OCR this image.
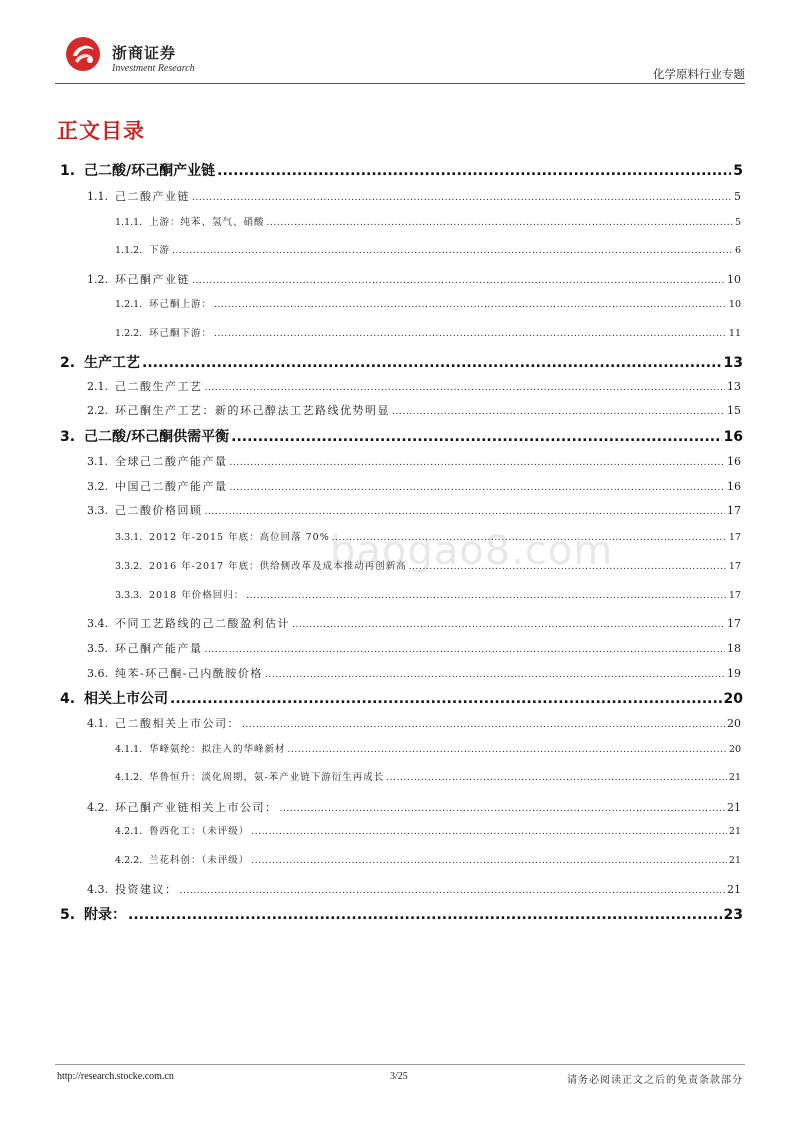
浙商证券
Investment Research	化学原料行业专题
正文目录
1. 己二酸/环己酮产业链 .....	5
1.1. 己二酸产业链 .....	5
1.1.1. 上游：纯苯、氢气、硝酸 .....	5
1.1.2. 下游 .....	6
1.2. 环己酮产业链 .....	10
1.2.1. 环己酮上游： .....	10
1.2.2. 环己酮下游： .....	11
2. 生产工艺 .....	13
2.1. 己二酸生产工艺 .....	13
2.2. 环己酮生产工艺：新的环己醇法工艺路线优势明显 .....	15
3. 己二酸/环己酮供需平衡 .....	16
3.1. 全球己二酸产能产量 .....	16
3.2. 中国己二酸产能产量 .....	16
3.3. 己二酸价格回顾 .....	17
3.3.1. 2012 年-2015 年底：高位回落 70% .....	17
3.3.2. 2016 年-2017 年底：供给侧改革及成本推动再创新高 .....	17
3.3.3. 2018 年价格回归： .....	17
3.4. 不同工艺路线的己二酸盈利估计 .....	17
3.5. 环己酮产能产量 .....	18
3.6. 纯苯-环己酮-己内酰胺价格 .....	19
4. 相关上市公司 .....	20
4.1. 己二酸相关上市公司： .....	20
4.1.1. 华峰氨纶：拟注入的华峰新材 .....	20
4.1.2. 华鲁恒升：淡化周期，氨-苯产业链下游衍生再成长 .....	21
4.2. 环己酮产业链相关上市公司： .....	21
4.2.1. 鲁西化工：（未评级） .....	21
4.2.2. 兰花科创：（未评级） .....	21
4.3. 投资建议： .....	21
5. 附录： .....	23
baogao8.com
http://research.stocke.com.cn	3/25	请务必阅读正文之后的免责条款部分
